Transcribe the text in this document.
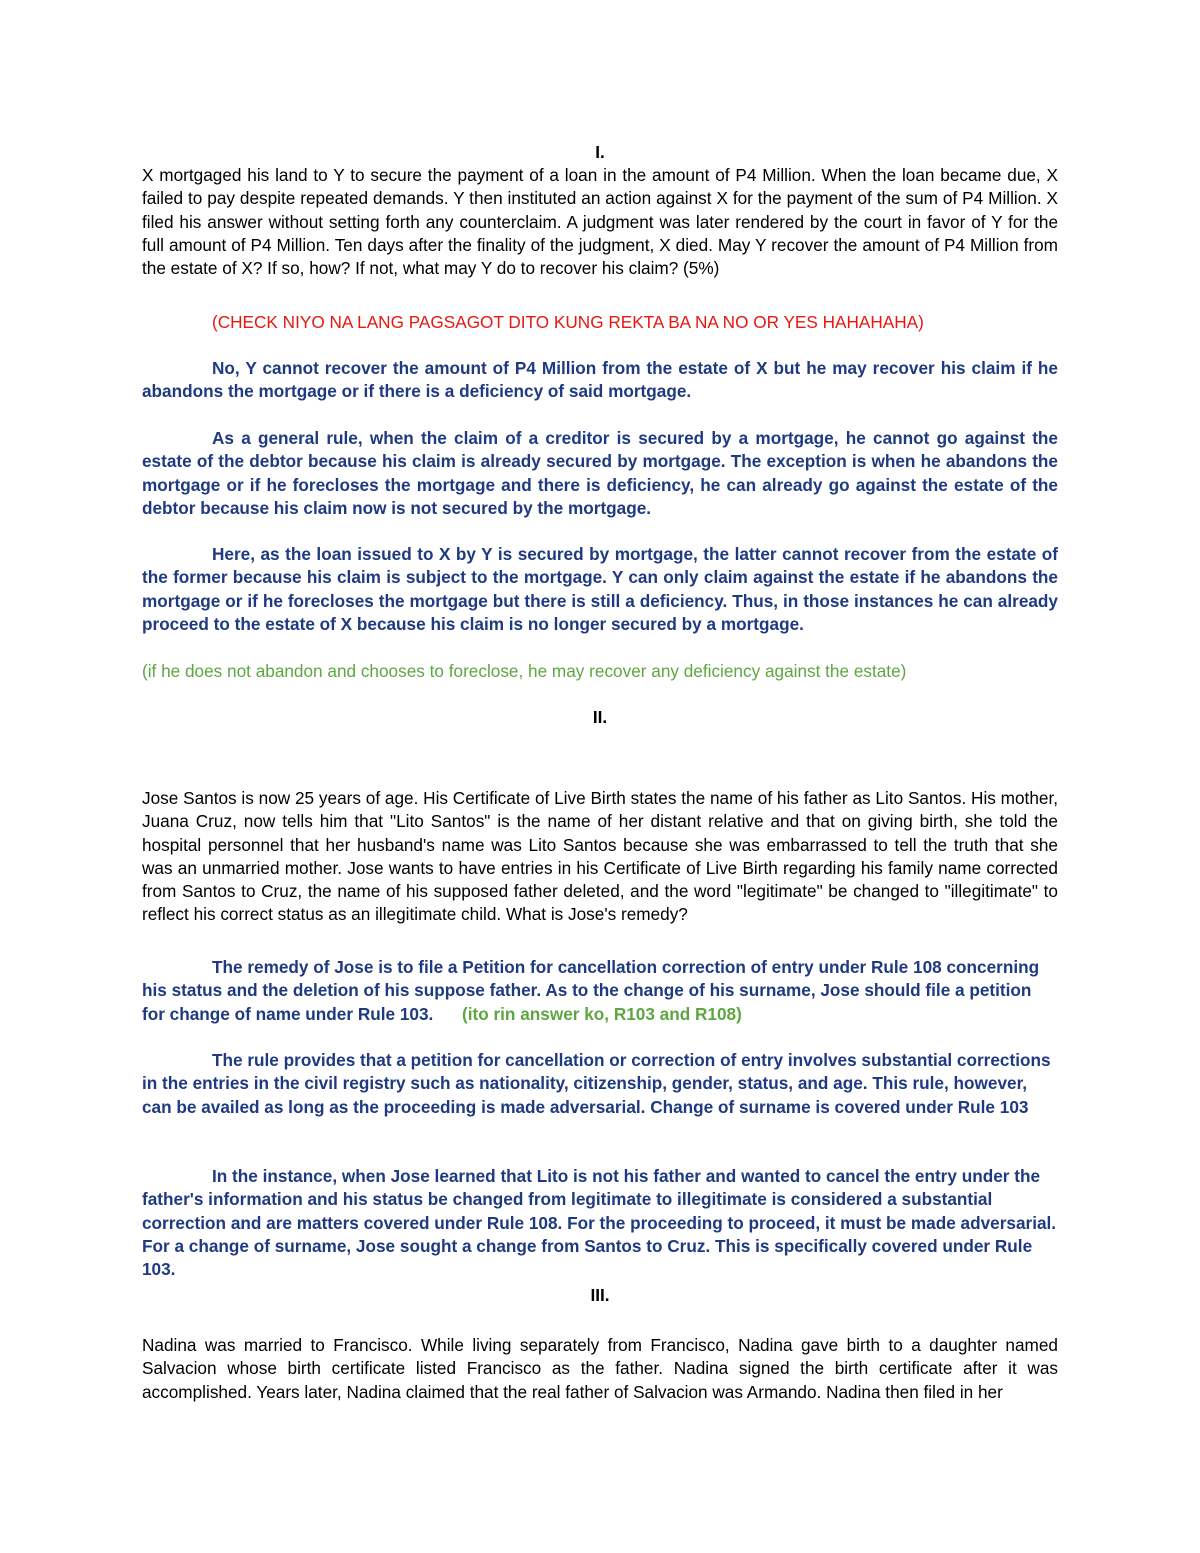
I.

X mortgaged his land to Y to secure the payment of a loan in the amount of P4 Million. When the loan became due, X failed to pay despite repeated demands. Y then instituted an action against X for the payment of the sum of P4 Million. X filed his answer without setting forth any counterclaim. A judgment was later rendered by the court in favor of Y for the full amount of P4 Million. Ten days after the finality of the judgment, X died. May Y recover the amount of P4 Million from the estate of X? If so, how? If not, what may Y do to recover his claim? (5%)

(CHECK NIYO NA LANG PAGSAGOT DITO KUNG REKTA BA NA NO OR YES HAHAHAHA)

No, Y cannot recover the amount of P4 Million from the estate of X but he may recover his claim if he abandons the mortgage or if there is a deficiency of said mortgage.

As a general rule, when the claim of a creditor is secured by a mortgage, he cannot go against the estate of the debtor because his claim is already secured by mortgage. The exception is when he abandons the mortgage or if he forecloses the mortgage and there is deficiency, he can already go against the estate of the debtor because his claim now is not secured by the mortgage.

Here, as the loan issued to X by Y is secured by mortgage, the latter cannot recover from the estate of the former because his claim is subject to the mortgage. Y can only claim against the estate if he abandons the mortgage or if he forecloses the mortgage but there is still a deficiency. Thus, in those instances he can already proceed to the estate of X because his claim is no longer secured by a mortgage.

(if he does not abandon and chooses to foreclose, he may recover any deficiency against the estate)

II.

Jose Santos is now 25 years of age. His Certificate of Live Birth states the name of his father as Lito Santos. His mother, Juana Cruz, now tells him that "Lito Santos" is the name of her distant relative and that on giving birth, she told the hospital personnel that her husband's name was Lito Santos because she was embarrassed to tell the truth that she was an unmarried mother. Jose wants to have entries in his Certificate of Live Birth regarding his family name corrected from Santos to Cruz, the name of his supposed father deleted, and the word "legitimate" be changed to "illegitimate" to reflect his correct status as an illegitimate child. What is Jose's remedy?

The remedy of Jose is to file a Petition for cancellation correction of entry under Rule 108 concerning his status and the deletion of his suppose father. As to the change of his surname, Jose should file a petition for change of name under Rule 103. (ito rin answer ko, R103 and R108)

The rule provides that a petition for cancellation or correction of entry involves substantial corrections in the entries in the civil registry such as nationality, citizenship, gender, status, and age. This rule, however, can be availed as long as the proceeding is made adversarial. Change of surname is covered under Rule 103

In the instance, when Jose learned that Lito is not his father and wanted to cancel the entry under the father's information and his status be changed from legitimate to illegitimate is considered a substantial correction and are matters covered under Rule 108. For the proceeding to proceed, it must be made adversarial. For a change of surname, Jose sought a change from Santos to Cruz. This is specifically covered under Rule 103.

III.

Nadina was married to Francisco. While living separately from Francisco, Nadina gave birth to a daughter named Salvacion whose birth certificate listed Francisco as the father. Nadina signed the birth certificate after it was accomplished. Years later, Nadina claimed that the real father of Salvacion was Armando. Nadina then filed in her
